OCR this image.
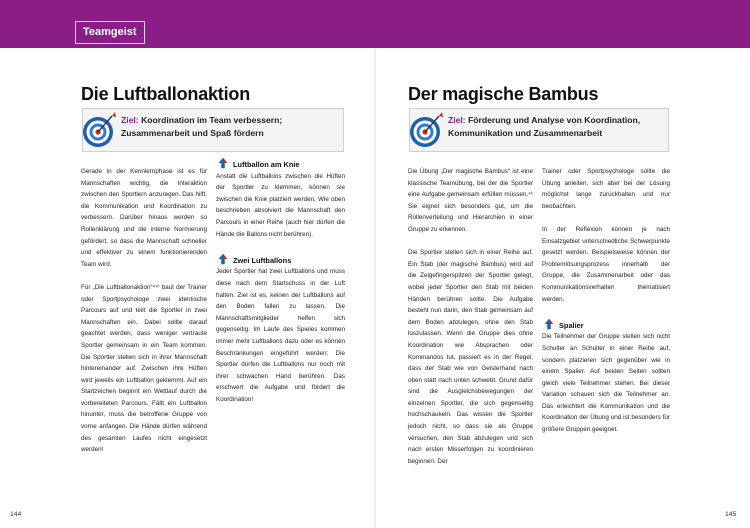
Teamgeist
Die Luftballonaktion
Ziel: Koordination im Team verbessern;
Zusammenarbeit und Spaß fördern

Gerade in der Kennlernphase ist es für Mannschaften wichtig, die Interaktion zwischen den Sportlern anzuregen. Das hilft, die Kommunikation und Koordination zu verbessern. Darüber hinaus werden so Rollenklärung und die interne Normierung gefördert, so dass die Mannschaft schneller und effektiver zu einem funktionierenden Team wird.

Für „Die Luftballonaktion“⁴⁴⁾ baut der Trainer oder Sportpsychologe zwei identische Parcours auf und teilt die Sportler in zwei Mannschaften ein. Dabei sollte darauf geachtet werden, dass weniger vertraute Sportler gemeinsam in ein Team kommen. Die Sportler stellen sich in ihrer Mannschaft hintereinander auf. Zwischen ihre Hüften wird jeweils ein Luftballon geklemmt. Auf ein Startzeichen beginnt ein Wettlauf durch die vorbereiteten Parcours. Fällt ein Luftballon hinunter, muss die betroffene Gruppe von vorne anfangen. Die Hände dürfen während des gesamten Laufes nicht eingesetzt werden!

Luftballon am Knie

Anstatt die Luftballons zwischen die Hüften der Sportler zu klemmen, können sie zwischen die Knie platziert werden. Wie oben beschrieben absolviert die Mannschaft den Parcours in einer Reihe (auch hier dürfen die Hände die Ballons nicht berühren).

Zwei Luftballons

Jeder Sportler hat zwei Luftballons und muss diese nach dem Startschuss in der Luft halten. Ziel ist es, keinen der Luftballons auf den Boden fallen zu lassen. Die Mannschaftsmitglieder helfen sich gegenseitig. Im Laufe des Spieles kommen immer mehr Luftballons dazu oder es können Beschränkungen eingeführt werden; Die Sportler dürfen die Luftballons nur noch mit ihrer schwachen Hand berühren. Das erschwert die Aufgabe und fördert die Koordination!

144
Der magische Bambus
Ziel: Förderung und Analyse von Koordination,
Kommunikation und Zusammenarbeit

Die Übung „Der magische Bambus“ ist eine klassische Teamübung, bei der die Sportler eine Aufgabe gemeinsam erfüllen müssen.⁴¹ Sie eignet sich besonders gut, um die Rollenverteilung und Hierarchien in einer Gruppe zu erkennen.

Die Sportler stellen sich in einer Reihe auf. Ein Stab (der magische Bambus) wird auf die Zeigefingerspitzen der Sportler gelegt, wobei jeder Sportler den Stab mit beiden Händen berühren sollte. Die Aufgabe besteht nun darin, den Stab gemeinsam auf dem Boden abzulegen, ohne den Stab loszulassen. Wenn die Gruppe dies ohne Koordination wie Absprachen oder Kommandos tut, passiert es in der Regel, dass der Stab wie von Geisterhand nach oben statt nach unten schwebt. Grund dafür sind die Ausgleichsbewegungen der einzelnen Sportler, die sich gegenseitig hochschaukeln. Das wissen die Sportler jedoch nicht, so dass sie als Gruppe versuchen, den Stab abzulegen und sich nach ersten Misserfolgen zu koordinieren beginnen. Der

Trainer oder Sportpsychologe sollte die Übung anleiten, sich aber bei der Lösung möglichst lange zurückhalten und nur beobachten.

In der Reflexion können je nach Einsatzgebiet unterschiedliche Schwerpunkte gesetzt werden. Beispielsweise können der Problemlösungsprozess innerhalb der Gruppe, die Zusammenarbeit oder das Kommunikationsverhalten thematisiert werden.

Spalier

Die Teilnehmer der Gruppe stellen sich nicht Schulter an Schulter in einer Reihe auf, sondern platzieren sich gegenüber wie in einem Spalier. Auf beiden Seiten sollten gleich viele Teilnehmer stehen. Bei dieser Variation schauen sich die Teilnehmer an. Das erleichtert die Kommunikation und die Koordination der Übung und ist besonders für größere Gruppen geeignet.

145
